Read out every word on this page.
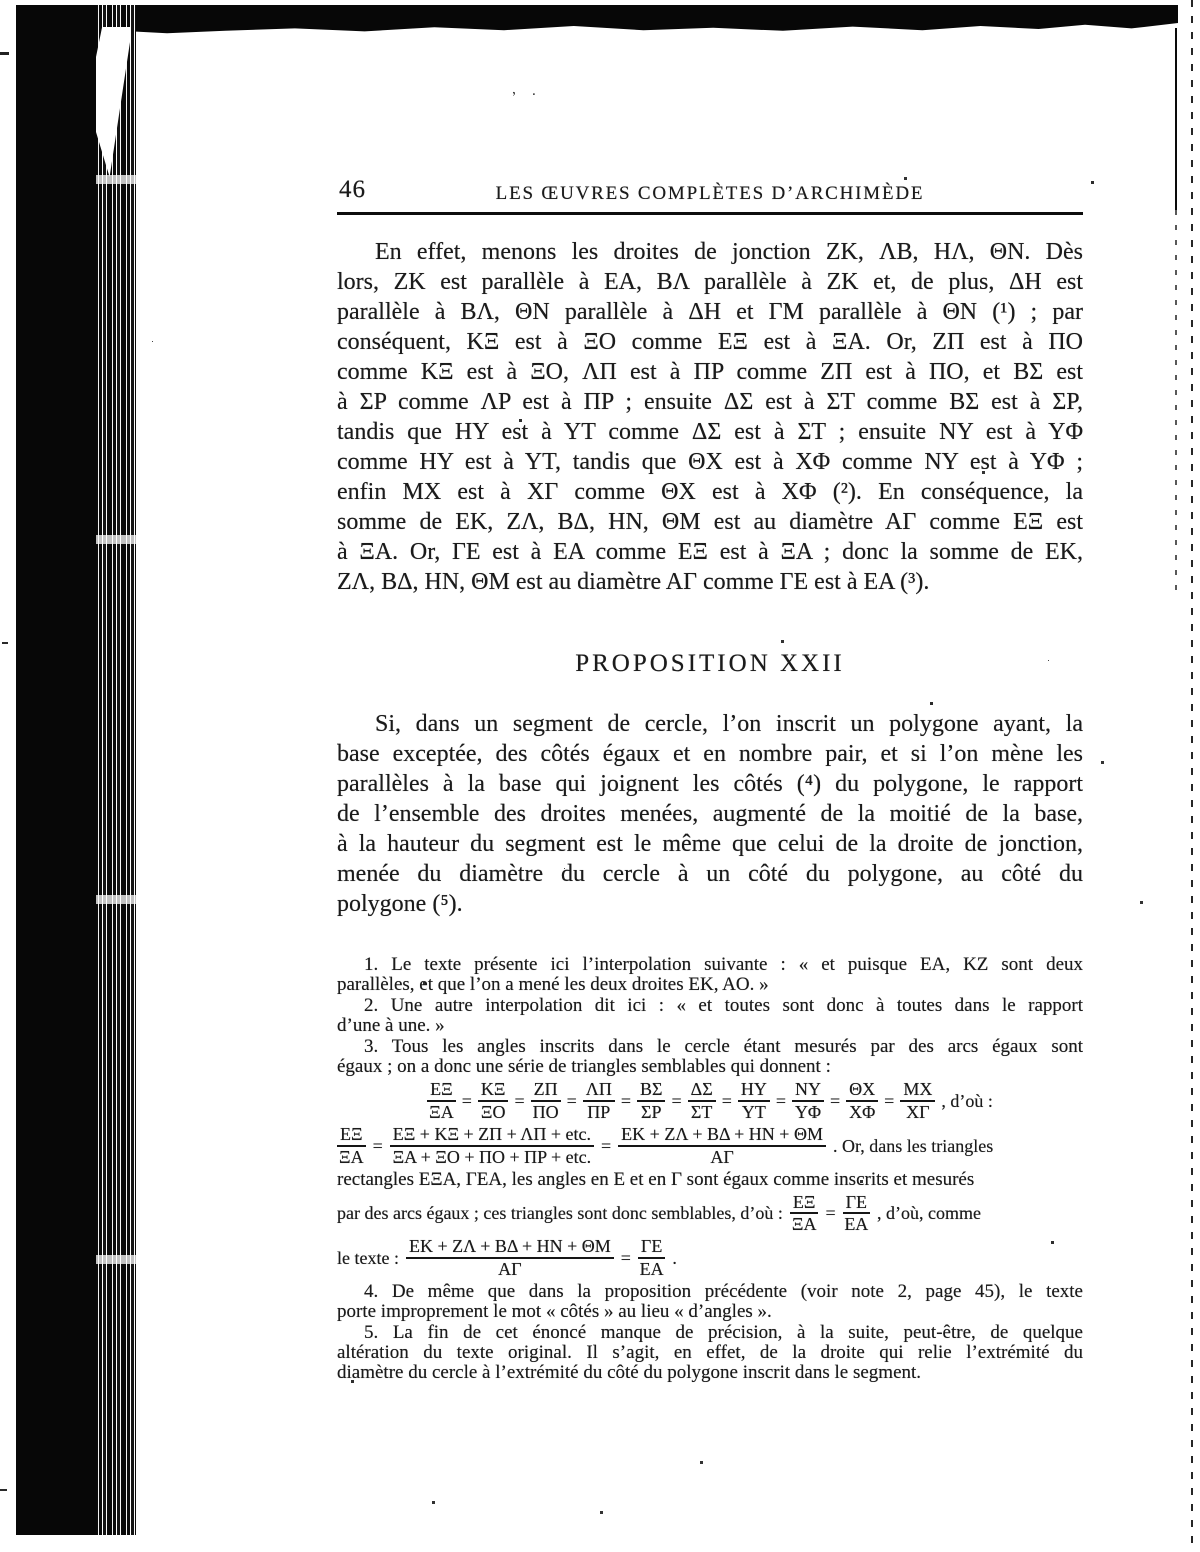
’ ·
46	LES ŒUVRES COMPLÈTES D’ARCHIMÈDE
En effet, menons les droites de jonction ZK, ΛB, HΛ, ΘN. Dès
lors, ZK est parallèle à EA, BΛ parallèle à ZK et, de plus, ΔH est
parallèle à BΛ, ΘN parallèle à ΔH et ΓM parallèle à ΘN (¹) ; par
conséquent, KΞ est à ΞO comme EΞ est à ΞA. Or, ZΠ est à ΠO
comme KΞ est à ΞO, ΛΠ est à ΠP comme ZΠ est à ΠO, et BΣ est
à ΣP comme ΛP est à ΠP ; ensuite ΔΣ est à ΣT comme BΣ est à ΣP,
tandis que HY est à YT comme ΔΣ est à ΣT ; ensuite NY est à YΦ
comme HY est à YT, tandis que ΘX est à XΦ comme NY est à YΦ ;
enfin MX est à XΓ comme ΘX est à XΦ (²). En conséquence, la
somme de EK, ZΛ, BΔ, HN, ΘM est au diamètre AΓ comme EΞ est
à ΞA. Or, ΓE est à EA comme EΞ est à ΞA ; donc la somme de EK,
ZΛ, BΔ, HN, ΘM est au diamètre AΓ comme ΓE est à EA (³).
PROPOSITION XXII
Si, dans un segment de cercle, l’on inscrit un polygone ayant, la
base exceptée, des côtés égaux et en nombre pair, et si l’on mène les
parallèles à la base qui joignent les côtés (⁴) du polygone, le rapport
de l’ensemble des droites menées, augmenté de la moitié de la base,
à la hauteur du segment est le même que celui de la droite de jonction,
menée du diamètre du cercle à un côté du polygone, au côté du
polygone (⁵).
1. Le texte présente ici l’interpolation suivante : « et puisque EA, KZ sont deux
parallèles, et que l’on a mené les deux droites EK, AO. »
2. Une autre interpolation dit ici : « et toutes sont donc à toutes dans le rapport
d’une à une. »
3. Tous les angles inscrits dans le cercle étant mesurés par des arcs égaux sont
égaux ; on a donc une série de triangles semblables qui donnent :
$\frac{E\Xi}{\Xi A} = \frac{K\Xi}{\Xi O} = \frac{Z\Pi}{\Pi O} = \frac{\Lambda\Pi}{\Pi P} = \frac{B\Sigma}{\Sigma P} = \frac{\Delta\Sigma}{\Sigma T} = \frac{HY}{YT} = \frac{NY}{Y\Phi} = \frac{\Theta X}{X\Phi} = \frac{MX}{X\Gamma}$ , d’où :
$\frac{E\Xi}{\Xi A} = \frac{\text{EΞ + KΞ + ZΠ + ΛΠ + etc.}}{\text{ΞA + ΞO + ΠO + ΠP + etc.}} = \frac{EK + Z\Lambda + B\Delta + HN + \Theta M}{A\Gamma}$ . Or, dans les triangles
rectangles EΞA, ΓEA, les angles en E et en Γ sont égaux comme inscrits et mesurés
par des arcs égaux ; ces triangles sont donc semblables, d’où : $\frac{E\Xi}{\Xi A} = \frac{\Gamma E}{EA}$ , d’où, comme
le texte : $\frac{EK + Z\Lambda + B\Delta + HN + \Theta M}{A\Gamma} = \frac{\Gamma E}{EA}$ .
4. De même que dans la proposition précédente (voir note 2, page 45), le texte
porte improprement le mot « côtés » au lieu « d’angles ».
5. La fin de cet énoncé manque de précision, à la suite, peut-être, de quelque
altération du texte original. Il s’agit, en effet, de la droite qui relie l’extrémité du
diamètre du cercle à l’extrémité du côté du polygone inscrit dans le segment.
